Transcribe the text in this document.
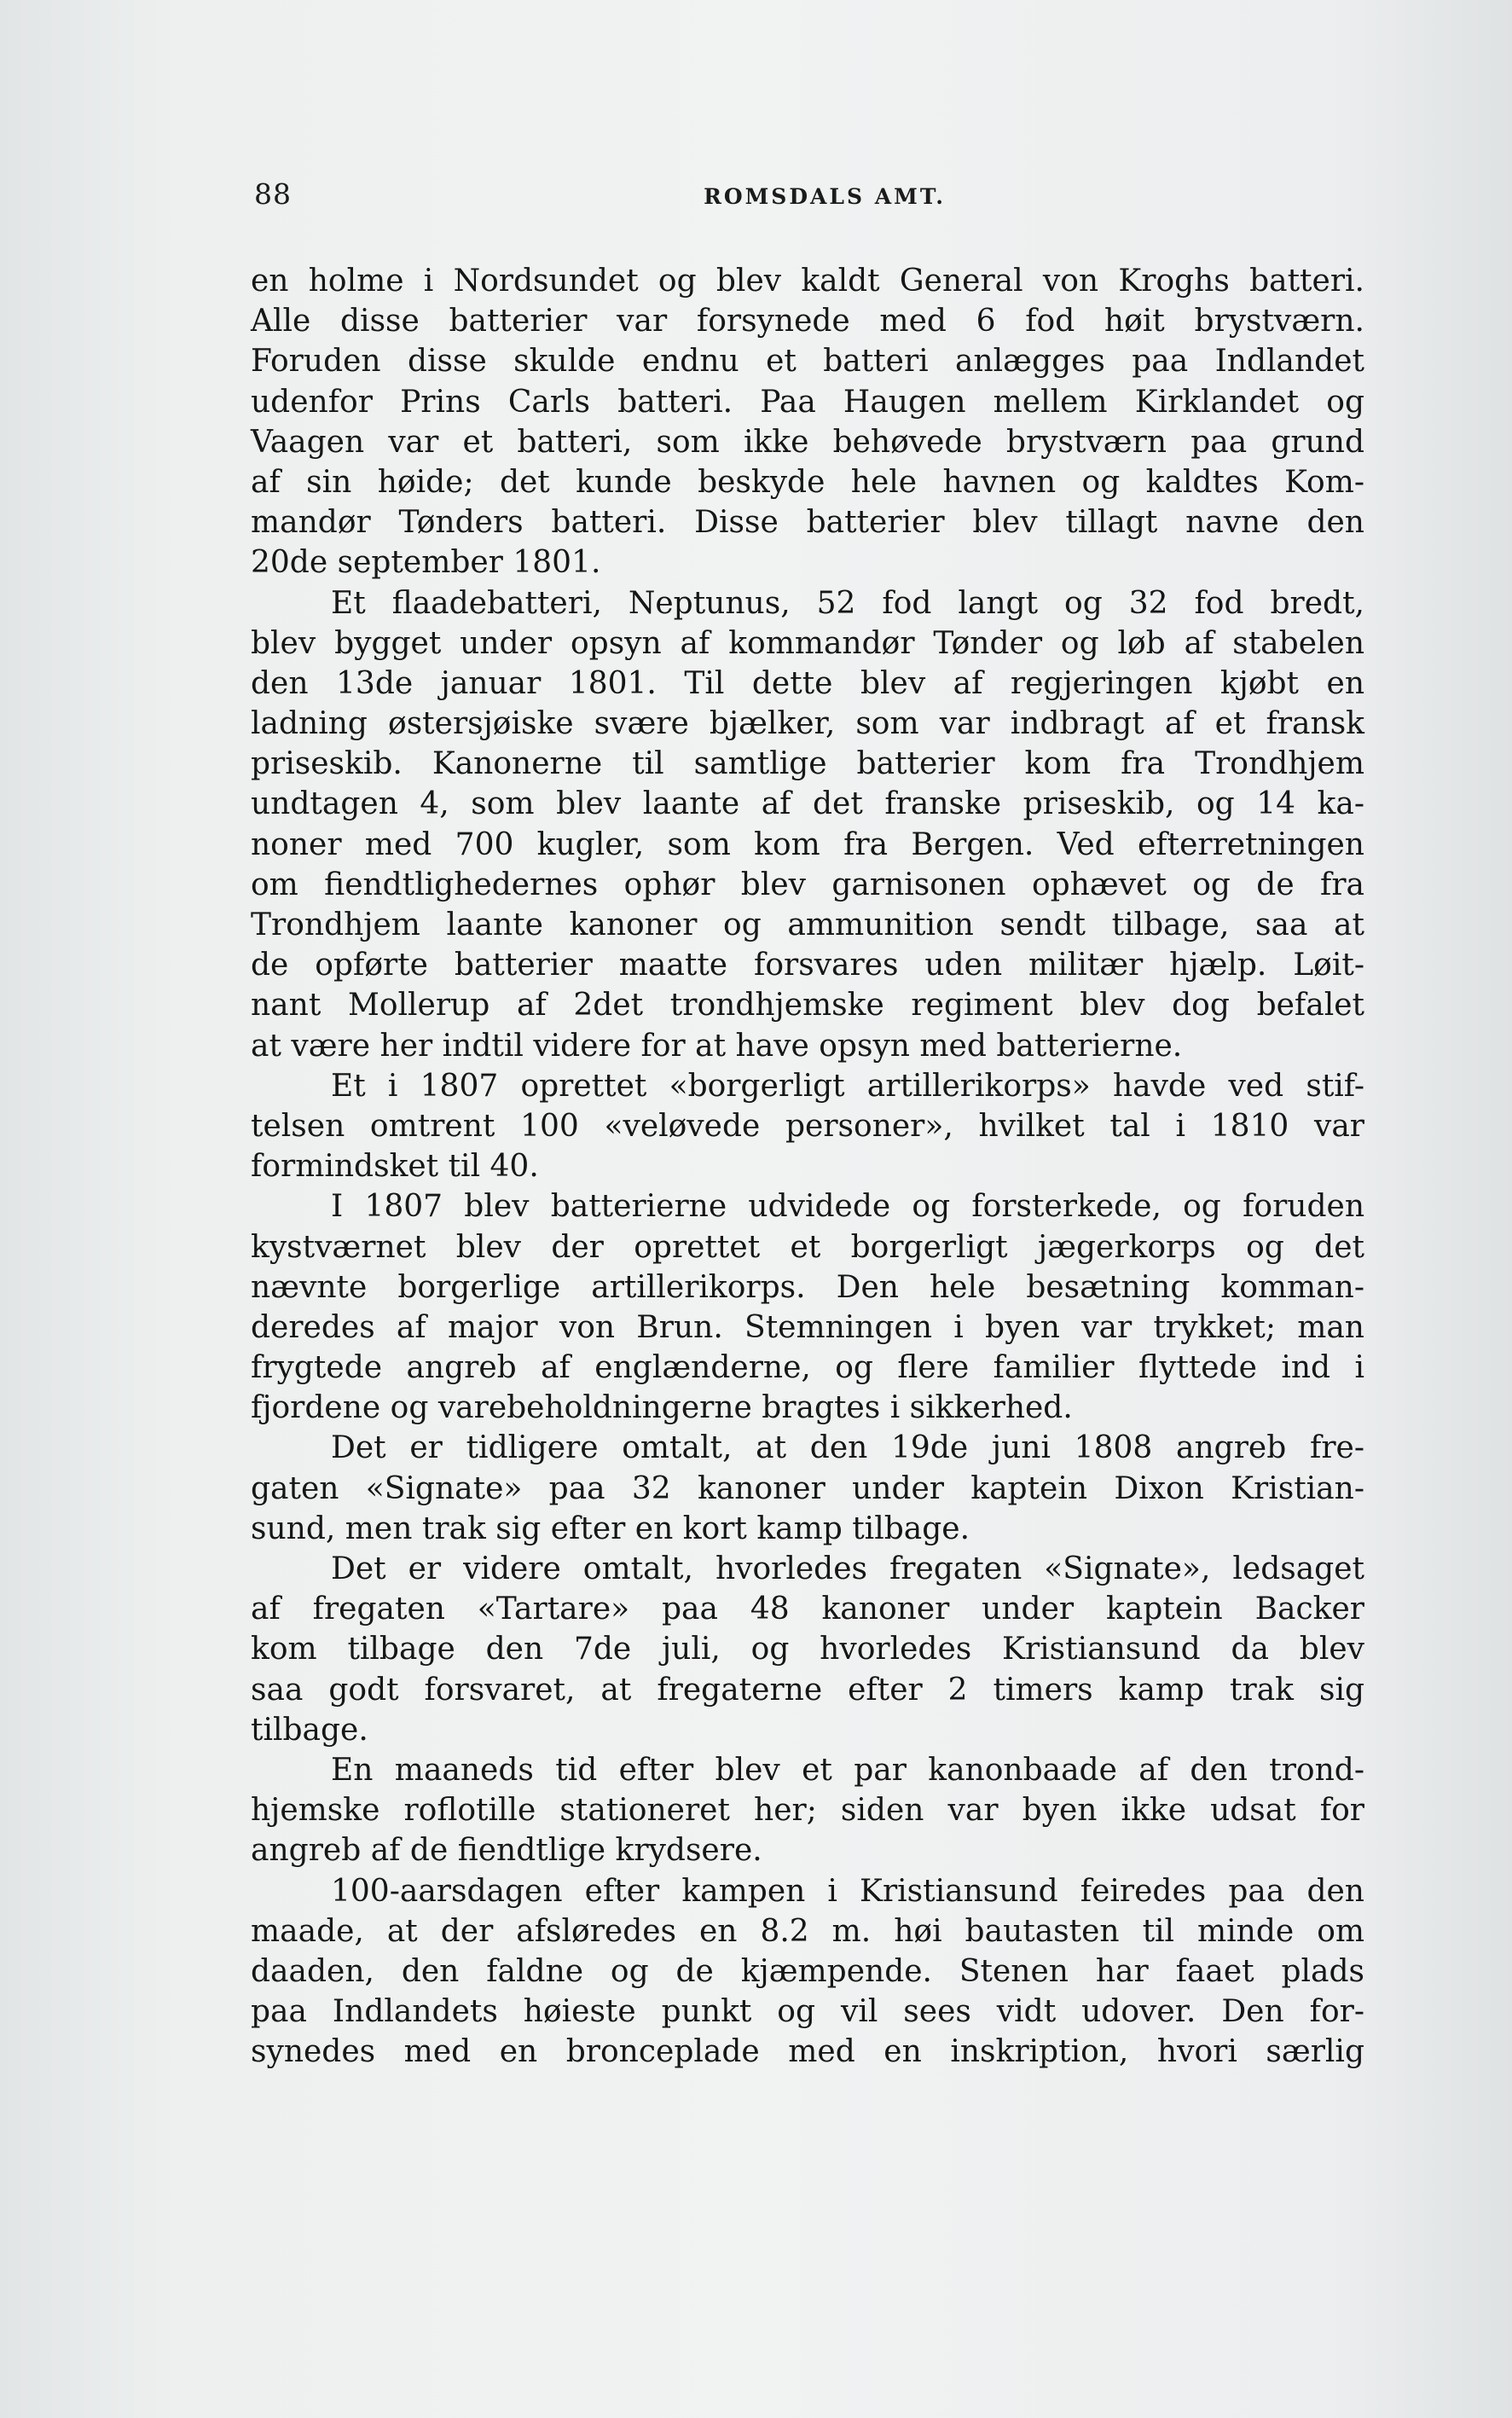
88	ROMSDALS AMT.
en holme i Nordsundet og blev kaldt General von Kroghs batteri.
Alle disse batterier var forsynede med 6 fod høit brystværn.
Foruden disse skulde endnu et batteri anlægges paa Indlandet
udenfor Prins Carls batteri. Paa Haugen mellem Kirklandet og
Vaagen var et batteri, som ikke behøvede brystværn paa grund
af sin høide; det kunde beskyde hele havnen og kaldtes Kom-
mandør Tønders batteri. Disse batterier blev tillagt navne den
20de september 1801.
Et flaadebatteri, Neptunus, 52 fod langt og 32 fod bredt,
blev bygget under opsyn af kommandør Tønder og løb af stabelen
den 13de januar 1801. Til dette blev af regjeringen kjøbt en
ladning østersjøiske svære bjælker, som var indbragt af et fransk
priseskib. Kanonerne til samtlige batterier kom fra Trondhjem
undtagen 4, som blev laante af det franske priseskib, og 14 ka-
noner med 700 kugler, som kom fra Bergen. Ved efterretningen
om fiendtlighedernes ophør blev garnisonen ophævet og de fra
Trondhjem laante kanoner og ammunition sendt tilbage, saa at
de opførte batterier maatte forsvares uden militær hjælp. Løit-
nant Mollerup af 2det trondhjemske regiment blev dog befalet
at være her indtil videre for at have opsyn med batterierne.
Et i 1807 oprettet «borgerligt artillerikorps» havde ved stif-
telsen omtrent 100 «veløvede personer», hvilket tal i 1810 var
formindsket til 40.
I 1807 blev batterierne udvidede og forsterkede, og foruden
kystværnet blev der oprettet et borgerligt jægerkorps og det
nævnte borgerlige artillerikorps. Den hele besætning komman-
deredes af major von Brun. Stemningen i byen var trykket; man
frygtede angreb af englænderne, og flere familier flyttede ind i
fjordene og varebeholdningerne bragtes i sikkerhed.
Det er tidligere omtalt, at den 19de juni 1808 angreb fre-
gaten «Signate» paa 32 kanoner under kaptein Dixon Kristian-
sund, men trak sig efter en kort kamp tilbage.
Det er videre omtalt, hvorledes fregaten «Signate», ledsaget
af fregaten «Tartare» paa 48 kanoner under kaptein Backer
kom tilbage den 7de juli, og hvorledes Kristiansund da blev
saa godt forsvaret, at fregaterne efter 2 timers kamp trak sig
tilbage.
En maaneds tid efter blev et par kanonbaade af den trond-
hjemske roflotille stationeret her; siden var byen ikke udsat for
angreb af de fiendtlige krydsere.
100-aarsdagen efter kampen i Kristiansund feiredes paa den
maade, at der afsløredes en 8.2 m. høi bautasten til minde om
daaden, den faldne og de kjæmpende. Stenen har faaet plads
paa Indlandets høieste punkt og vil sees vidt udover. Den for-
synedes med en bronceplade med en inskription, hvori særlig
